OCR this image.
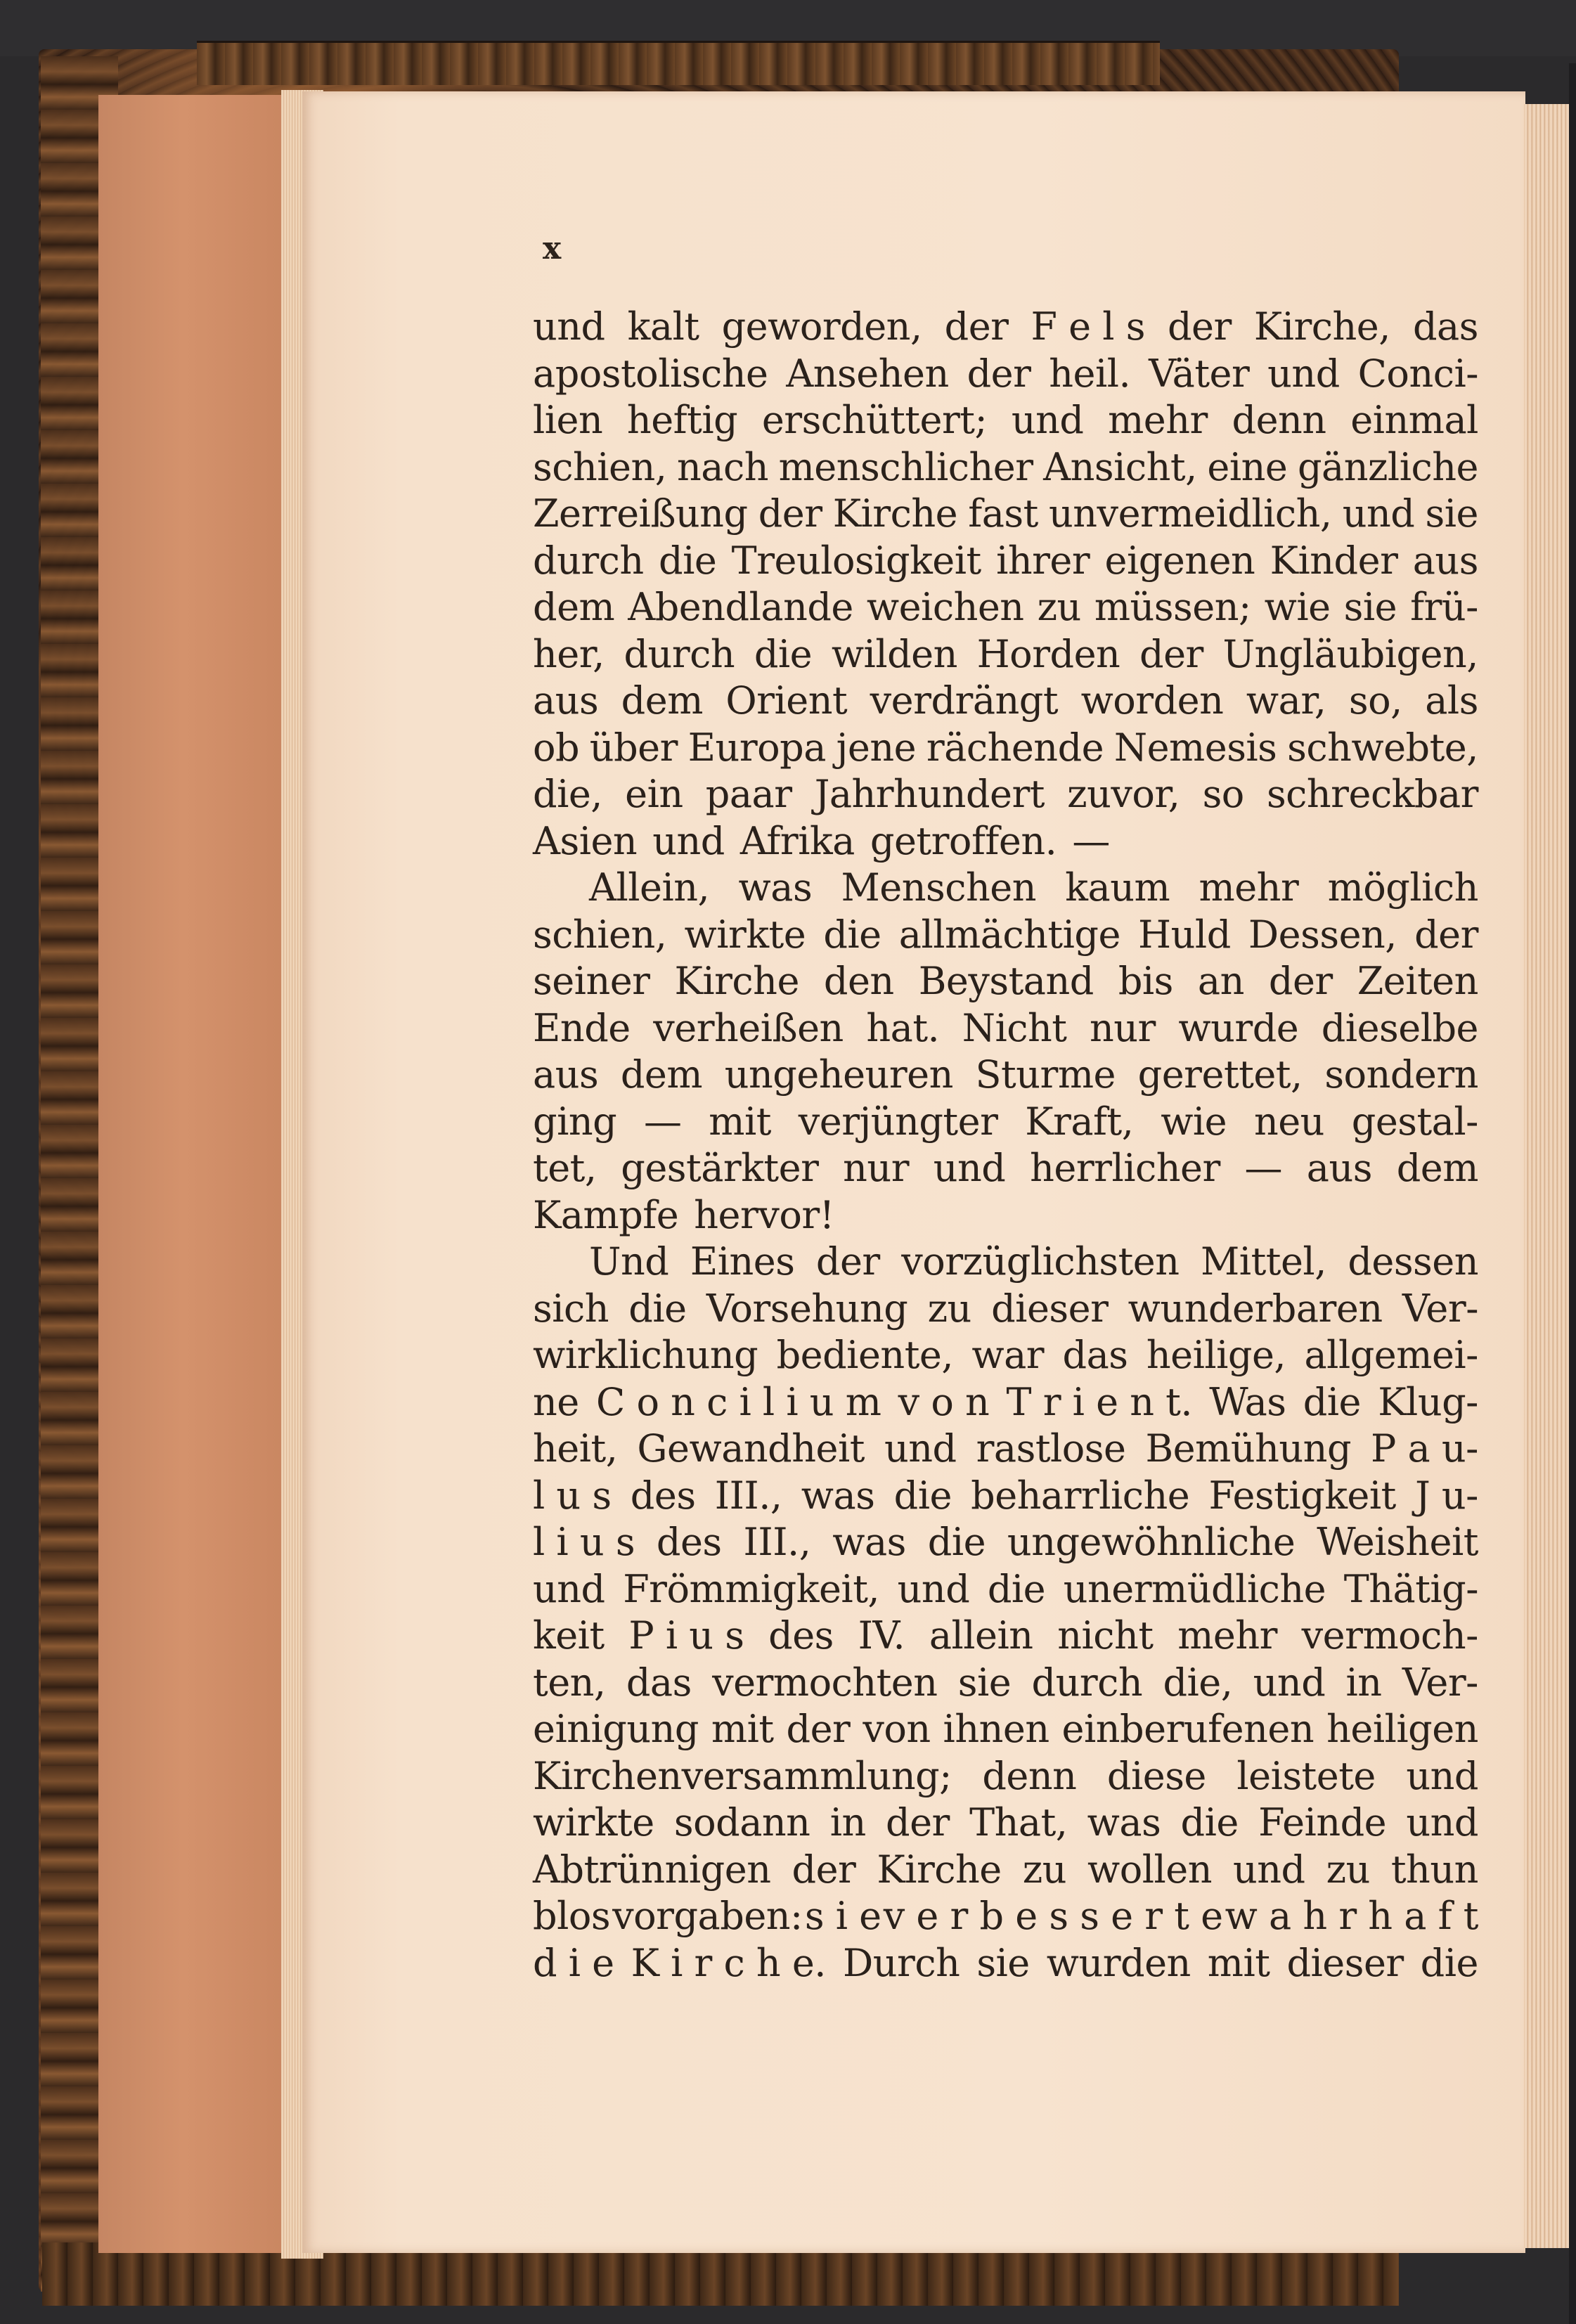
x
und kalt geworden, der F e l s der Kirche, das
apostolische Ansehen der heil. Väter und Conci-
lien heftig erschüttert; und mehr denn einmal
schien, nach menschlicher Ansicht, eine gänzliche
Zerreißung der Kirche fast unvermeidlich, und sie
durch die Treulosigkeit ihrer eigenen Kinder aus
dem Abendlande weichen zu müssen; wie sie frü-
her, durch die wilden Horden der Ungläubigen,
aus dem Orient verdrängt worden war, so, als
ob über Europa jene rächende Nemesis schwebte,
die, ein paar Jahrhundert zuvor, so schreckbar
Asien und Afrika getroffen. —
Allein, was Menschen kaum mehr möglich
schien, wirkte die allmächtige Huld Dessen, der
seiner Kirche den Beystand bis an der Zeiten
Ende verheißen hat. Nicht nur wurde dieselbe
aus dem ungeheuren Sturme gerettet, sondern
ging — mit verjüngter Kraft, wie neu gestal-
tet, gestärkter nur und herrlicher — aus dem
Kampfe hervor!
Und Eines der vorzüglichsten Mittel, dessen
sich die Vorsehung zu dieser wunderbaren Ver-
wirklichung bediente, war das heilige, allgemei-
ne C o n c i l i u m v o n T r i e n t. Was die Klug-
heit, Gewandheit und rastlose Bemühung P a u-
l u s des III., was die beharrliche Festigkeit J u-
l i u s des III., was die ungewöhnliche Weisheit
und Frömmigkeit, und die unermüdliche Thätig-
keit P i u s des IV. allein nicht mehr vermoch-
ten, das vermochten sie durch die, und in Ver-
einigung mit der von ihnen einberufenen heiligen
Kirchenversammlung; denn diese leistete und
wirkte sodann in der That, was die Feinde und
Abtrünnigen der Kirche zu wollen und zu thun
blos vorgaben: s i e v e r b e s s e r t e w a h r h a f t
d i e K i r c h e. Durch sie wurden mit dieser die
